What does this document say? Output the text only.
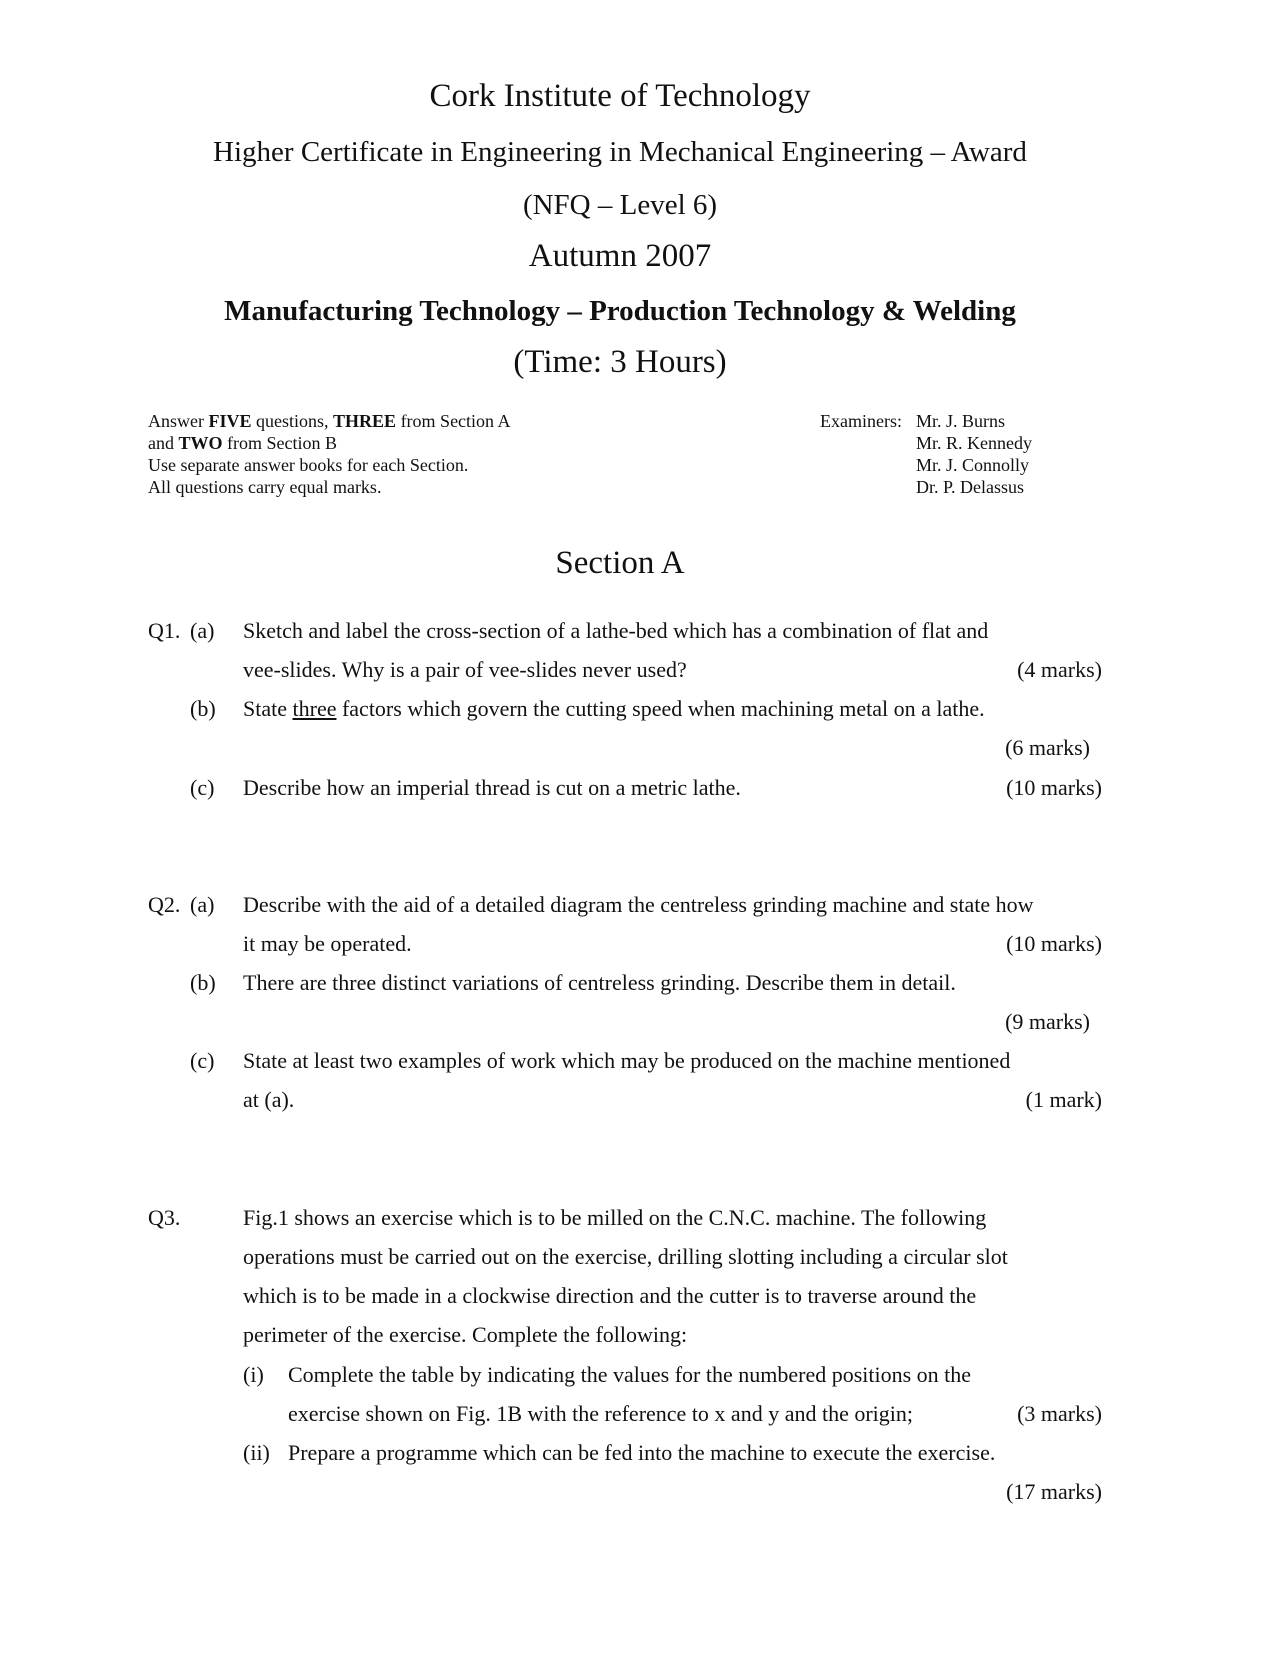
Cork Institute of Technology
Higher Certificate in Engineering in Mechanical Engineering – Award
(NFQ – Level 6)
Autumn 2007
Manufacturing Technology – Production Technology & Welding
(Time: 3 Hours)
Answer FIVE questions, THREE from Section A
and TWO from Section B
Use separate answer books for each Section.
All questions carry equal marks.
Examiners: Mr. J. Burns
Mr. R. Kennedy
Mr. J. Connolly
Dr. P. Delassus
Section A
Q1. (a) Sketch and label the cross-section of a lathe-bed which has a combination of flat and
vee-slides. Why is a pair of vee-slides never used?	(4 marks)
(b) State three factors which govern the cutting speed when machining metal on a lathe.
(6 marks)
(c) Describe how an imperial thread is cut on a metric lathe.	(10 marks)
Q2. (a) Describe with the aid of a detailed diagram the centreless grinding machine and state how
it may be operated.	(10 marks)
(b) There are three distinct variations of centreless grinding. Describe them in detail.
(9 marks)
(c) State at least two examples of work which may be produced on the machine mentioned
at (a).	(1 mark)
Q3.	Fig.1 shows an exercise which is to be milled on the C.N.C. machine. The following
operations must be carried out on the exercise, drilling slotting including a circular slot
which is to be made in a clockwise direction and the cutter is to traverse around the
perimeter of the exercise. Complete the following:
(i) Complete the table by indicating the values for the numbered positions on the
exercise shown on Fig. 1B with the reference to x and y and the origin;	(3 marks)
(ii) Prepare a programme which can be fed into the machine to execute the exercise.
(17 marks)
